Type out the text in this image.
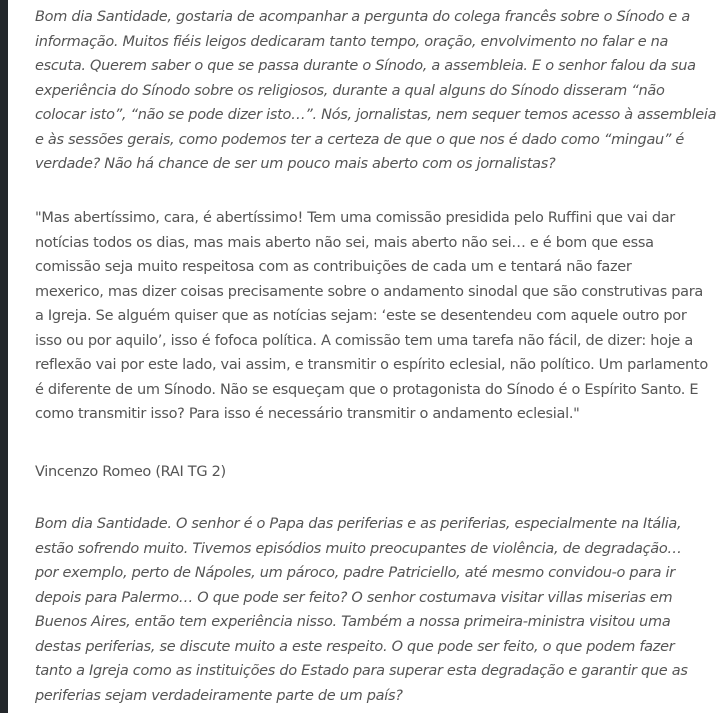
Bom dia Santidade, gostaria de acompanhar a pergunta do colega francês sobre o Sínodo e a
informação. Muitos fiéis leigos dedicaram tanto tempo, oração, envolvimento no falar e na
escuta. Querem saber o que se passa durante o Sínodo, a assembleia. E o senhor falou da sua
experiência do Sínodo sobre os religiosos, durante a qual alguns do Sínodo disseram “não
colocar isto”, “não se pode dizer isto…”. Nós, jornalistas, nem sequer temos acesso à assembleia
e às sessões gerais, como podemos ter a certeza de que o que nos é dado como “mingau” é
verdade? Não há chance de ser um pouco mais aberto com os jornalistas?
"Mas abertíssimo, cara, é abertíssimo! Tem uma comissão presidida pelo Ruffini que vai dar
notícias todos os dias, mas mais aberto não sei, mais aberto não sei… e é bom que essa
comissão seja muito respeitosa com as contribuições de cada um e tentará não fazer
mexerico, mas dizer coisas precisamente sobre o andamento sinodal que são construtivas para
a Igreja. Se alguém quiser que as notícias sejam: ‘este se desentendeu com aquele outro por
isso ou por aquilo’, isso é fofoca política. A comissão tem uma tarefa não fácil, de dizer: hoje a
reflexão vai por este lado, vai assim, e transmitir o espírito eclesial, não político. Um parlamento
é diferente de um Sínodo. Não se esqueçam que o protagonista do Sínodo é o Espírito Santo. E
como transmitir isso? Para isso é necessário transmitir o andamento eclesial."
Vincenzo Romeo (RAI TG 2)
Bom dia Santidade. O senhor é o Papa das periferias e as periferias, especialmente na Itália,
estão sofrendo muito. Tivemos episódios muito preocupantes de violência, de degradação…
por exemplo, perto de Nápoles, um pároco, padre Patriciello, até mesmo convidou-o para ir
depois para Palermo… O que pode ser feito? O senhor costumava visitar villas miserias em
Buenos Aires, então tem experiência nisso. Também a nossa primeira-ministra visitou uma
destas periferias, se discute muito a este respeito. O que pode ser feito, o que podem fazer
tanto a Igreja como as instituições do Estado para superar esta degradação e garantir que as
periferias sejam verdadeiramente parte de um país?
